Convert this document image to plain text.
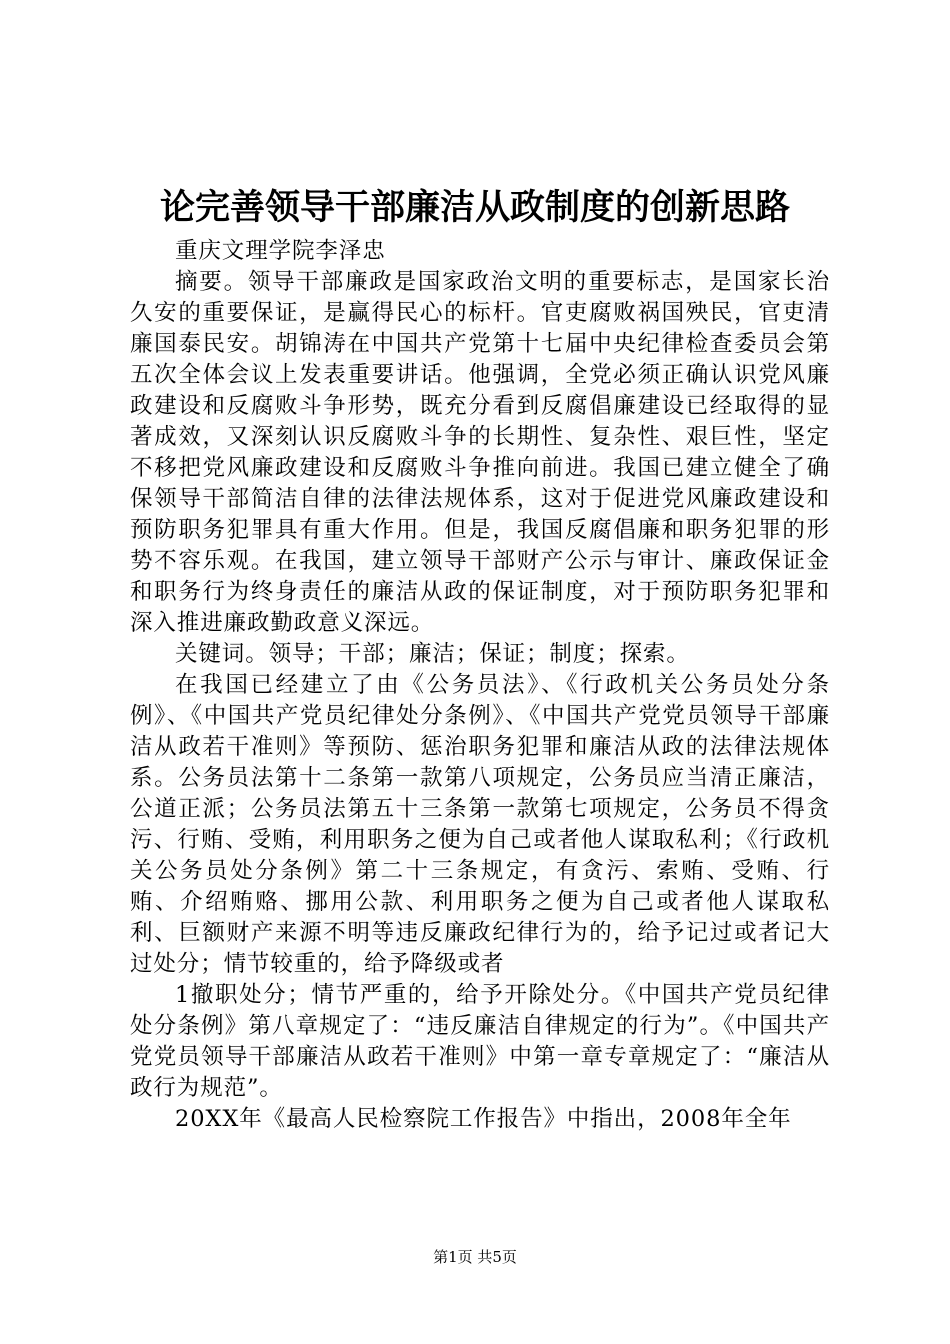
论完善领导干部廉洁从政制度的创新思路

重庆文理学院李泽忠

摘要。领导干部廉政是国家政治文明的重要标志，是国家长治久安的重要保证，是赢得民心的标杆。官吏腐败祸国殃民，官吏清廉国泰民安。胡锦涛在中国共产党第十七届中央纪律检查委员会第五次全体会议上发表重要讲话。他强调，全党必须正确认识党风廉政建设和反腐败斗争形势，既充分看到反腐倡廉建设已经取得的显著成效，又深刻认识反腐败斗争的长期性、复杂性、艰巨性，坚定不移把党风廉政建设和反腐败斗争推向前进。我国已建立健全了确保领导干部简洁自律的法律法规体系，这对于促进党风廉政建设和预防职务犯罪具有重大作用。但是，我国反腐倡廉和职务犯罪的形势不容乐观。在我国，建立领导干部财产公示与审计、廉政保证金和职务行为终身责任的廉洁从政的保证制度，对于预防职务犯罪和深入推进廉政勤政意义深远。

关键词。领导；干部；廉洁；保证；制度；探索。

在我国已经建立了由《公务员法》、《行政机关公务员处分条例》、《中国共产党员纪律处分条例》、《中国共产党党员领导干部廉洁从政若干准则》等预防、惩治职务犯罪和廉洁从政的法律法规体系。公务员法第十二条第一款第八项规定，公务员应当清正廉洁，公道正派；公务员法第五十三条第一款第七项规定，公务员不得贪污、行贿、受贿，利用职务之便为自己或者他人谋取私利；《行政机关公务员处分条例》第二十三条规定，有贪污、索贿、受贿、行贿、介绍贿赂、挪用公款、利用职务之便为自己或者他人谋取私利、巨额财产来源不明等违反廉政纪律行为的，给予记过或者记大过处分；情节较重的，给予降级或者

1撤职处分；情节严重的，给予开除处分。《中国共产党员纪律处分条例》第八章规定了：“违反廉洁自律规定的行为”。《中国共产党党员领导干部廉洁从政若干准则》中第一章专章规定了：“廉洁从政行为规范”。

20XX年《最高人民检察院工作报告》中指出，2008年全年

第1页 共5页
